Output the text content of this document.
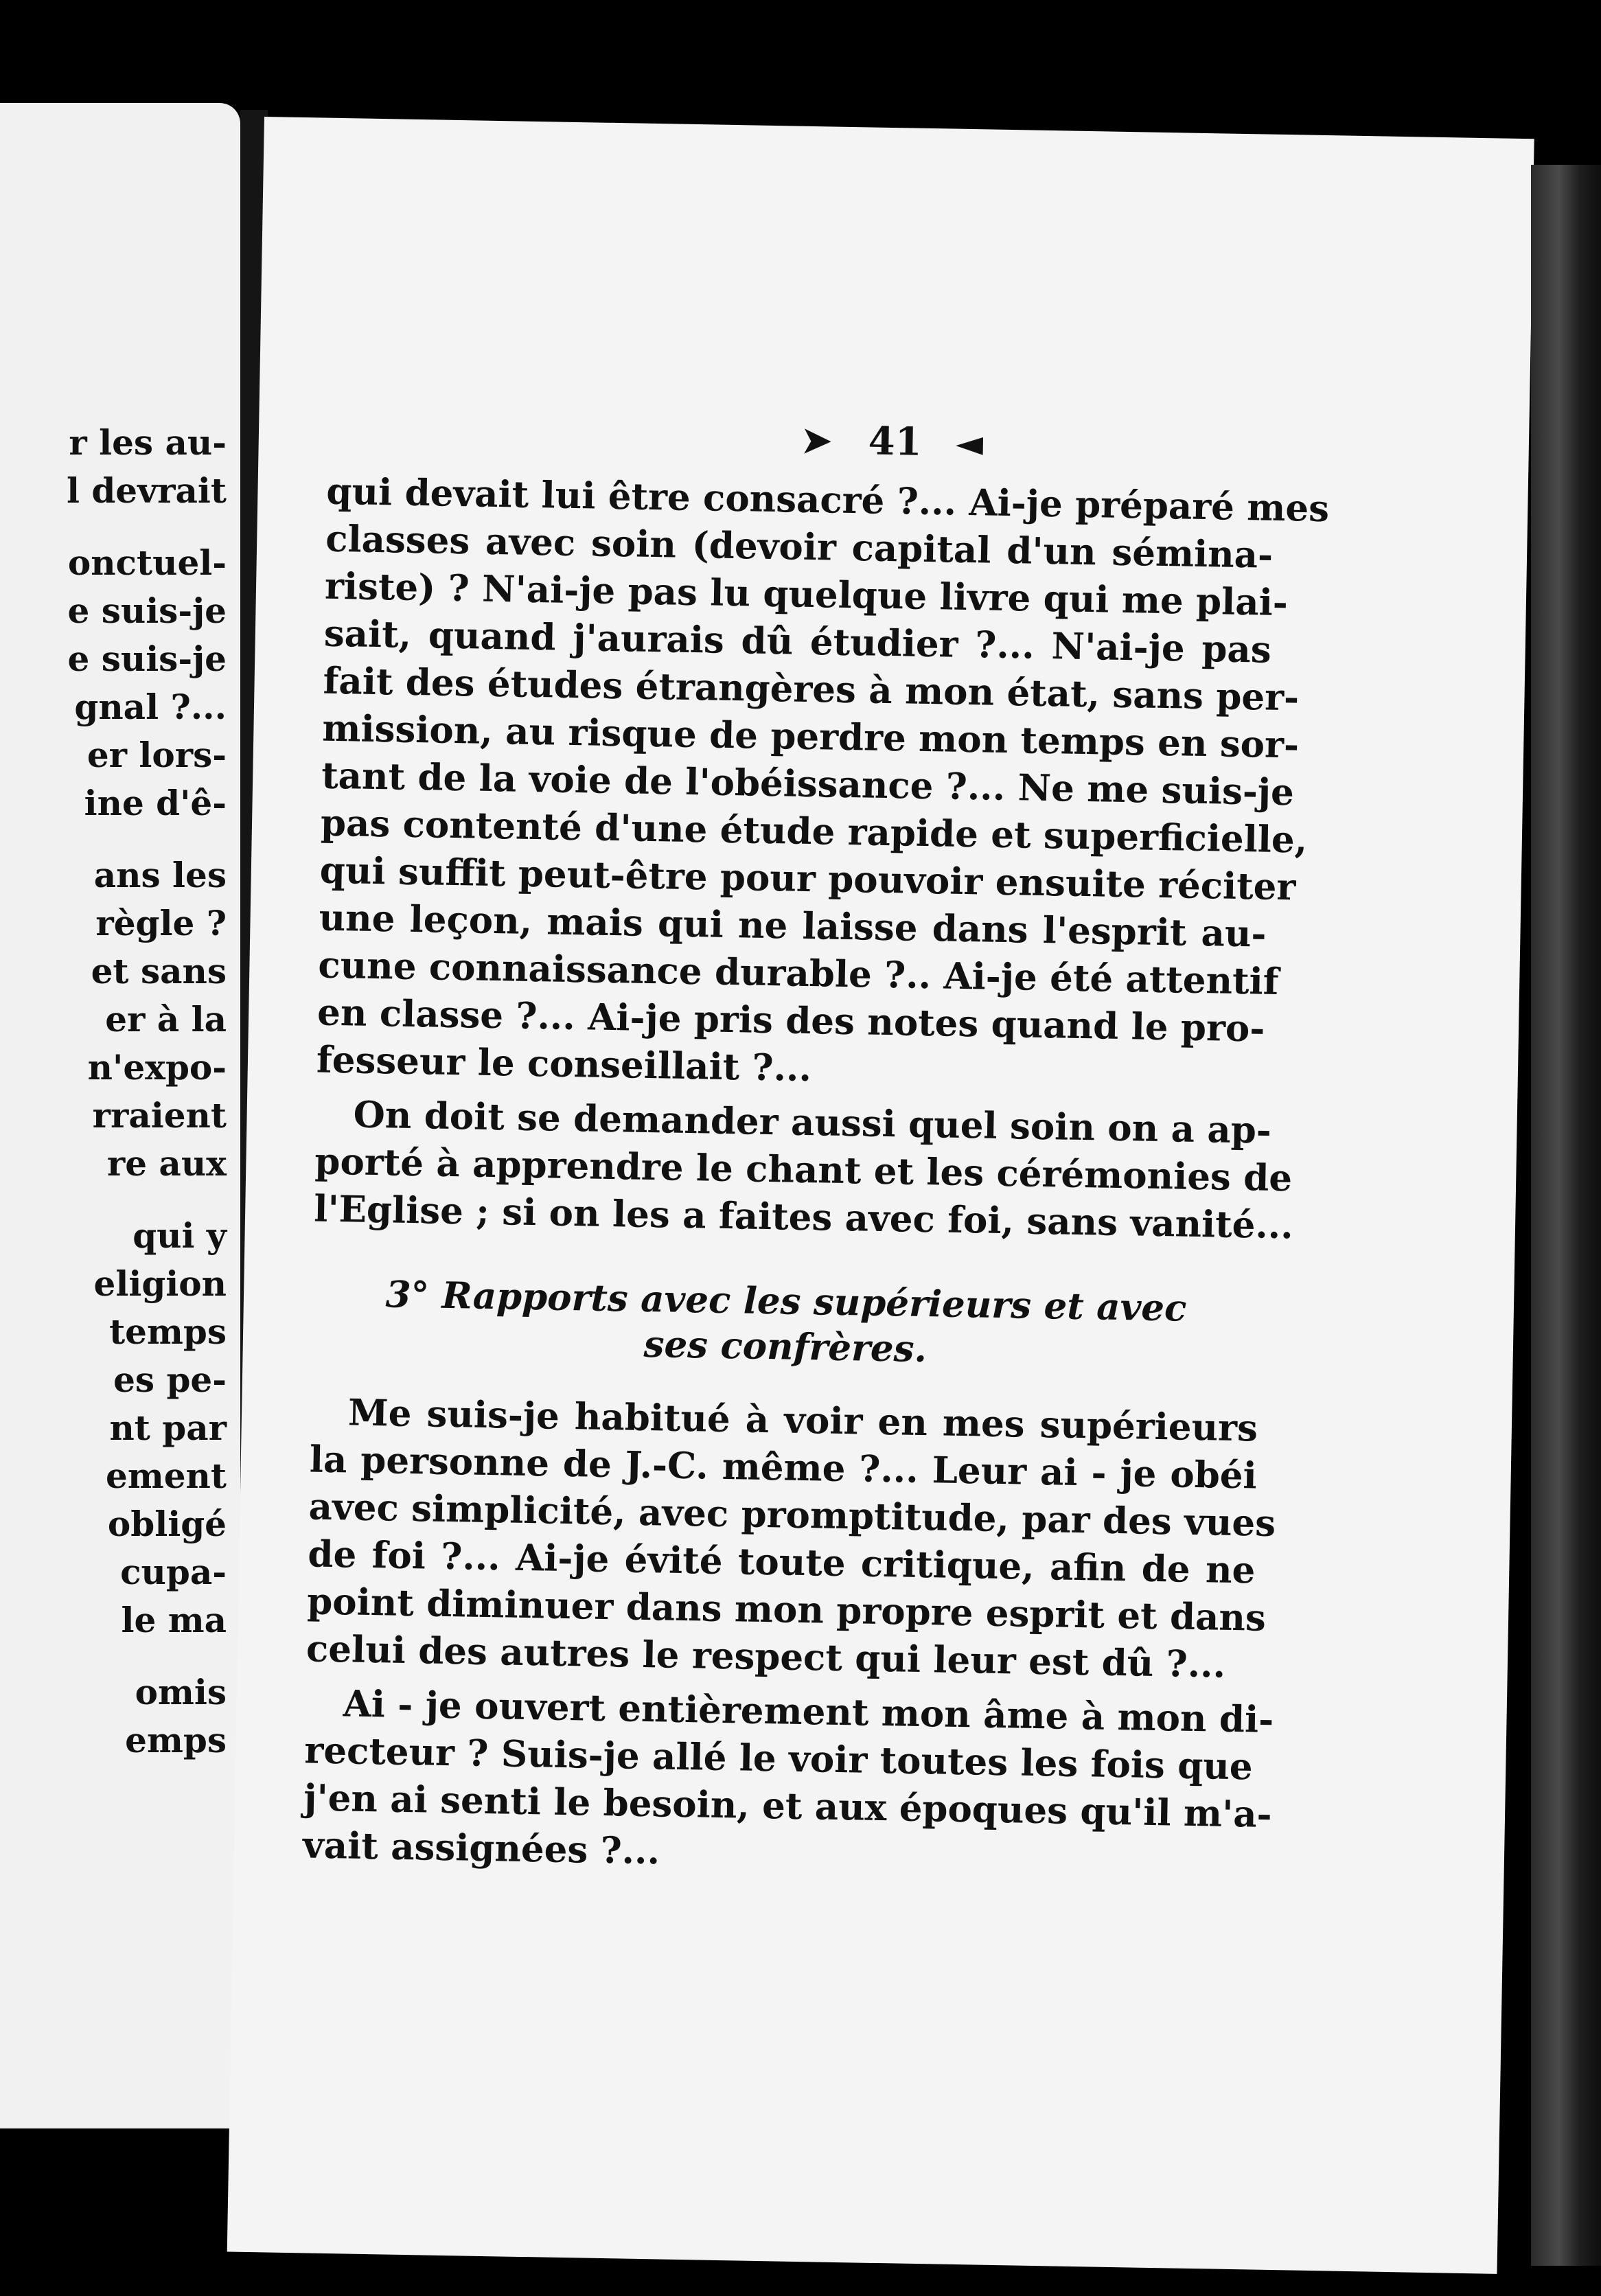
r les au-
l devrait
onctuel-
e suis-je
e suis-je
gnal ?...
er lors-
ine d'ê-
ans les
règle ?
et sans
er à la
n'expo-
rraient
re aux
qui y
eligion
temps
es pe-
nt par
ement
obligé
cupa-
le ma
omis
emps
➤ 41 ◄
qui devait lui être consacré ?... Ai-je préparé mes
classes avec soin (devoir capital d'un sémina-
riste) ? N'ai-je pas lu quelque livre qui me plai-
sait, quand j'aurais dû étudier ?... N'ai-je pas
fait des études étrangères à mon état, sans per-
mission, au risque de perdre mon temps en sor-
tant de la voie de l'obéissance ?... Ne me suis-je
pas contenté d'une étude rapide et superficielle,
qui suffit peut-être pour pouvoir ensuite réciter
une leçon, mais qui ne laisse dans l'esprit au-
cune connaissance durable ?.. Ai-je été attentif
en classe ?... Ai-je pris des notes quand le pro-
fesseur le conseillait ?...
On doit se demander aussi quel soin on a ap-
porté à apprendre le chant et les cérémonies de
l'Eglise ; si on les a faites avec foi, sans vanité...
3° Rapports avec les supérieurs et avec
ses confrères.
Me suis-je habitué à voir en mes supérieurs
la personne de J.-C. même ?... Leur ai - je obéi
avec simplicité, avec promptitude, par des vues
de foi ?... Ai-je évité toute critique, afin de ne
point diminuer dans mon propre esprit et dans
celui des autres le respect qui leur est dû ?...
Ai - je ouvert entièrement mon âme à mon di-
recteur ? Suis-je allé le voir toutes les fois que
j'en ai senti le besoin, et aux époques qu'il m'a-
vait assignées ?...
